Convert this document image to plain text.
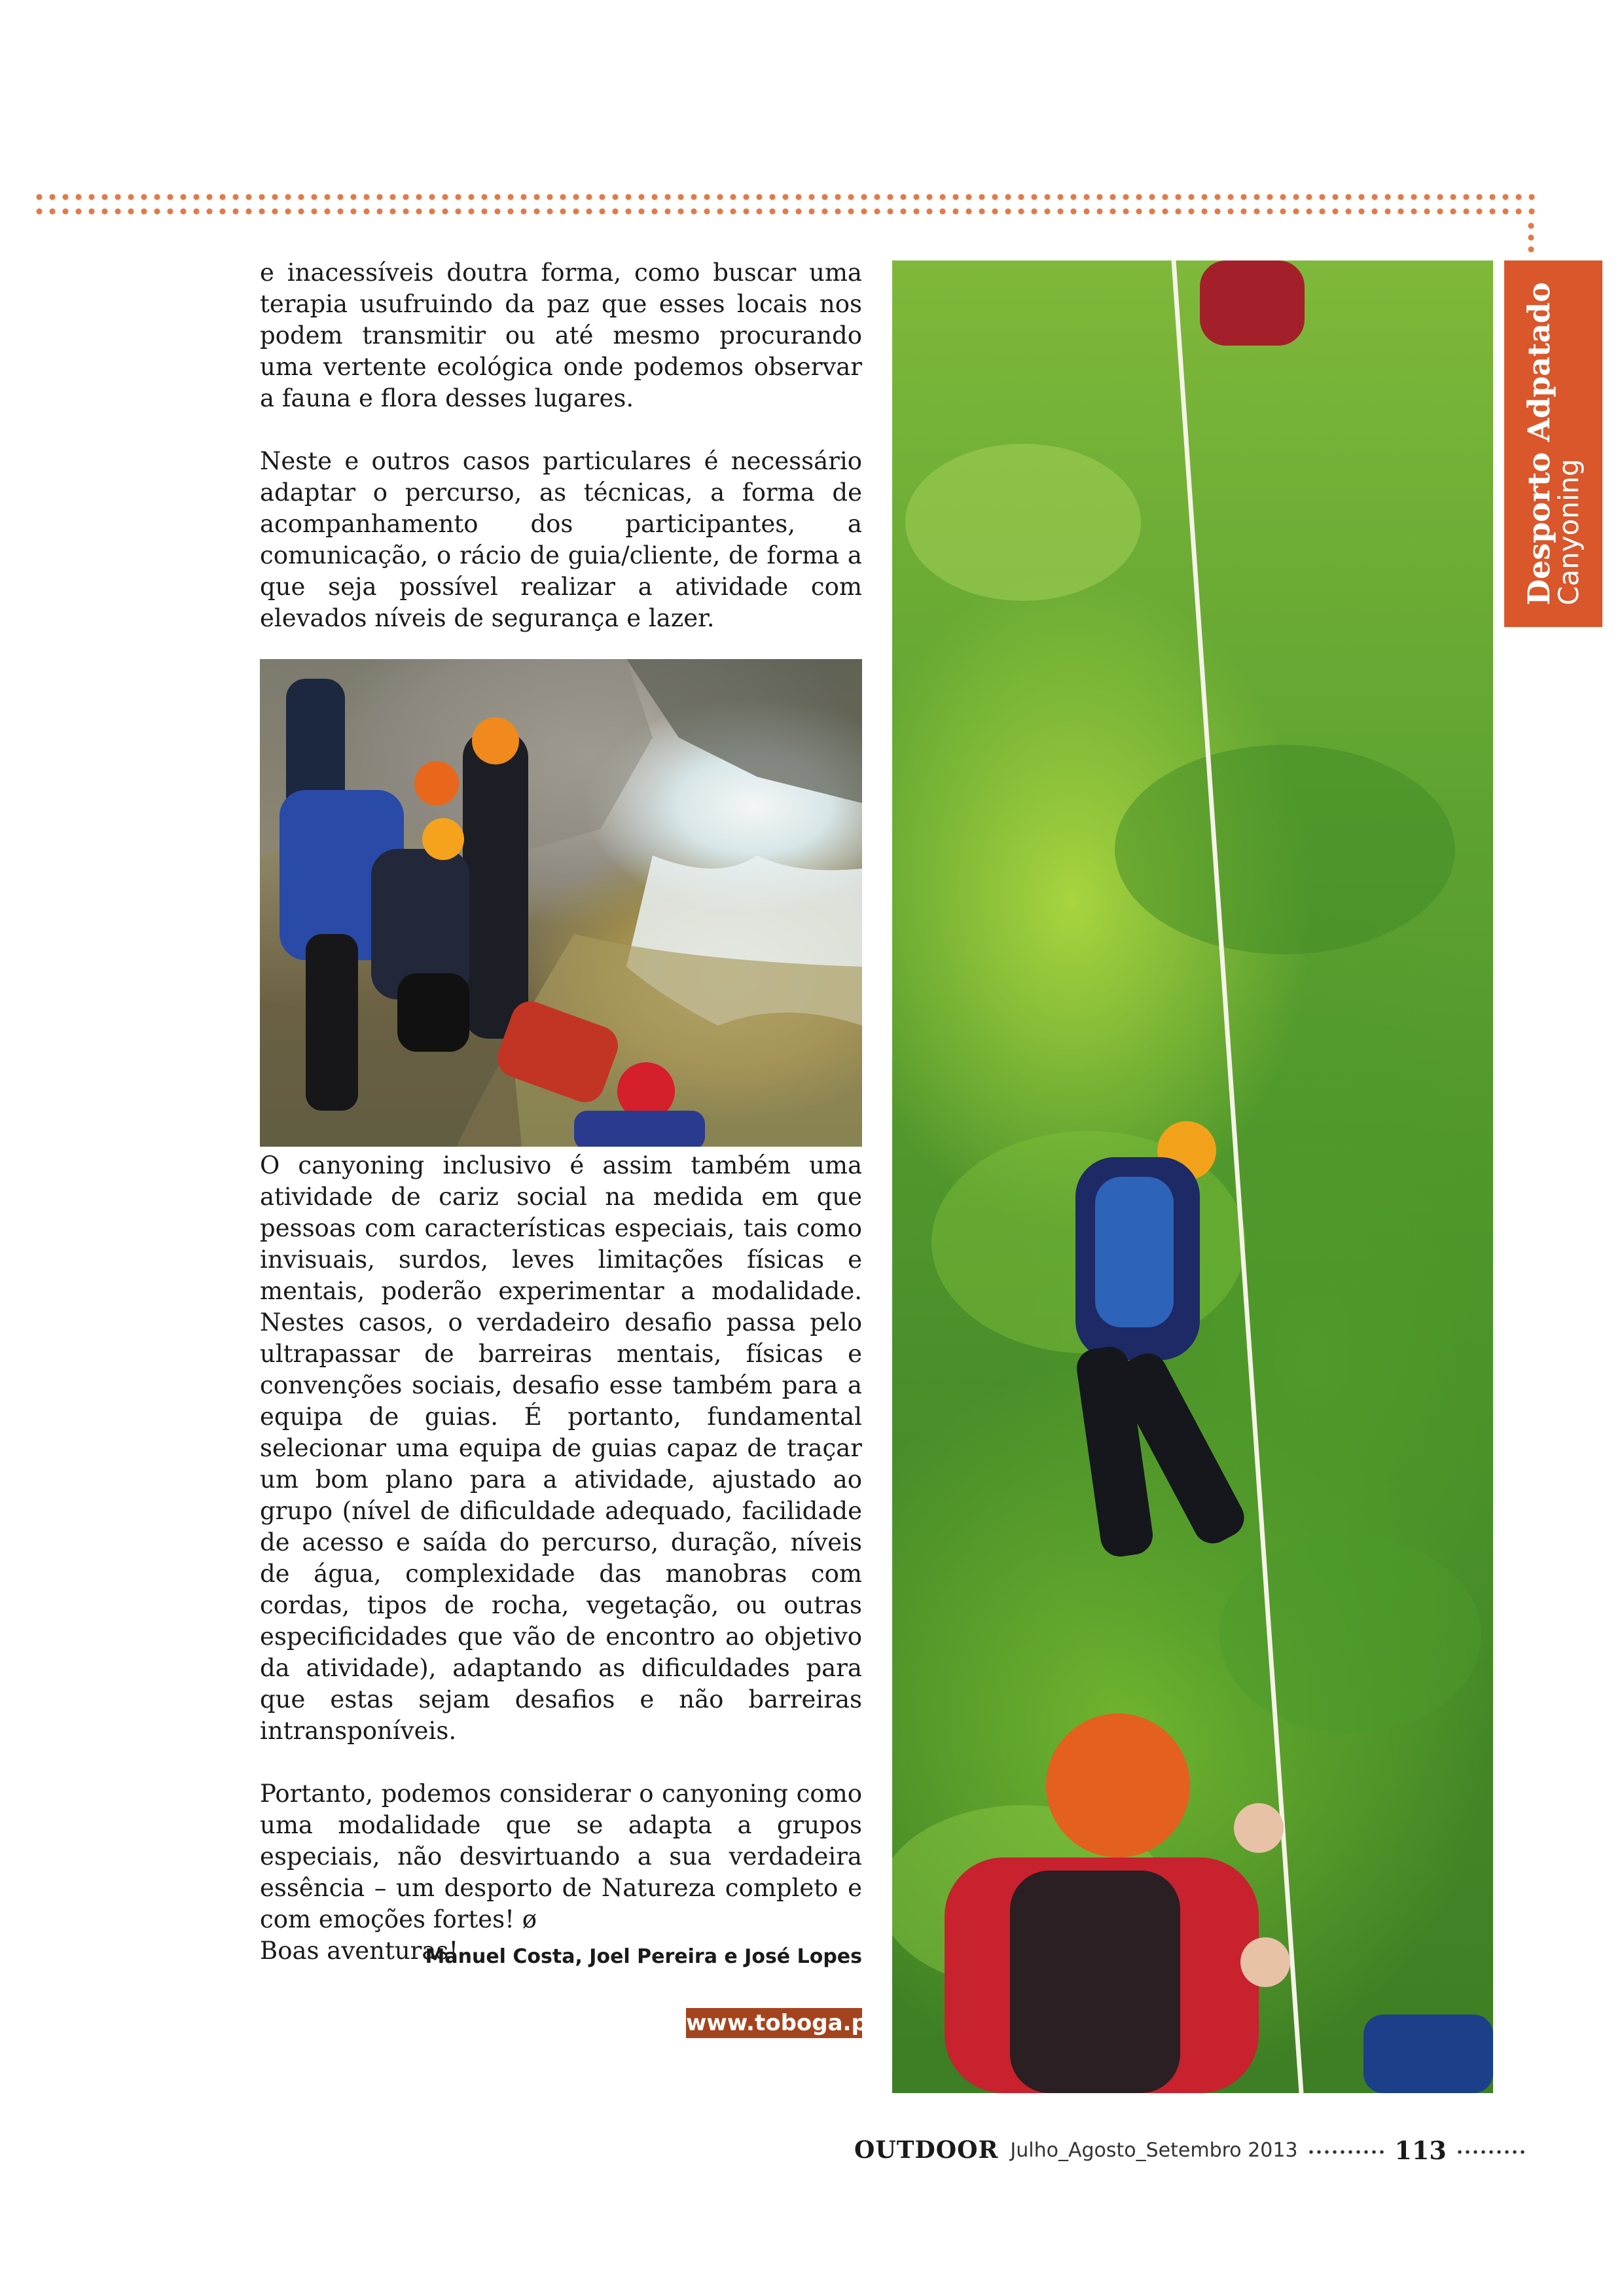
Desporto Adpatado
Canyoning

e inacessíveis doutra forma, como buscar uma terapia usufruindo da paz que esses locais nos podem transmitir ou até mesmo procurando uma vertente ecológica onde podemos observar a fauna e flora desses lugares.

Neste e outros casos particulares é necessário adaptar o percurso, as técnicas, a forma de acompanhamento dos participantes, a comunicação, o rácio de guia/cliente, de forma a que seja possível realizar a atividade com elevados níveis de segurança e lazer.

O canyoning inclusivo é assim também uma atividade de cariz social na medida em que pessoas com características especiais, tais como invisuais, surdos, leves limitações físicas e mentais, poderão experimentar a modalidade. Nestes casos, o verdadeiro desafio passa pelo ultrapassar de barreiras mentais, físicas e convenções sociais, desafio esse também para a equipa de guias. É portanto, fundamental selecionar uma equipa de guias capaz de traçar um bom plano para a atividade, ajustado ao grupo (nível de dificuldade adequado, facilidade de acesso e saída do percurso, duração, níveis de água, complexidade das manobras com cordas, tipos de rocha, vegetação, ou outras especificidades que vão de encontro ao objetivo da atividade), adaptando as dificuldades para que estas sejam desafios e não barreiras intransponíveis.

Portanto, podemos considerar o canyoning como uma modalidade que se adapta a grupos especiais, não desvirtuando a sua verdadeira essência – um desporto de Natureza completo e com emoções fortes! ø

Boas aventuras!

Manuel Costa, Joel Pereira e José Lopes
www.toboga.pt
OUTDOOR Julho_Agosto_Setembro 2013	113
